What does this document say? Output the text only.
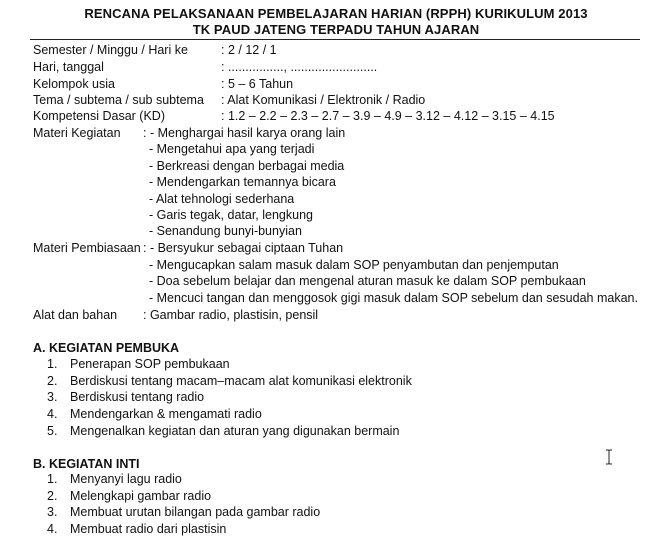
RENCANA PELAKSANAAN PEMBELAJARAN HARIAN (RPPH) KURIKULUM 2013
TK PAUD JATENG TERPADU TAHUN AJARAN
Semester / Minggu / Hari ke	: 2 / 12 / 1
Hari, tanggal	: ................, .........................
Kelompok usia	: 5 – 6 Tahun
Tema / subtema / sub subtema : Alat Komunikasi / Elektronik / Radio
Kompetensi Dasar (KD)	: 1.2 – 2.2 – 2.3 – 2.7 – 3.9 – 4.9 – 3.12 – 4.12 – 3.15 – 4.15
Materi Kegiatan : - Menghargai hasil karya orang lain
- Mengetahui apa yang terjadi
- Berkreasi dengan berbagai media
- Mendengarkan temannya bicara
- Alat tehnologi sederhana
- Garis tegak, datar, lengkung
- Senandung bunyi-bunyian
Materi Pembiasaan : - Bersyukur sebagai ciptaan Tuhan
- Mengucapkan salam masuk dalam SOP penyambutan dan penjemputan
- Doa sebelum belajar dan mengenal aturan masuk ke dalam SOP pembukaan
- Mencuci tangan dan menggosok gigi masuk dalam SOP sebelum dan sesudah makan.
Alat dan bahan : Gambar radio, plastisin, pensil
A. KEGIATAN PEMBUKA
1. Penerapan SOP pembukaan
2. Berdiskusi tentang macam–macam alat komunikasi elektronik
3. Berdiskusi tentang radio
4. Mendengarkan & mengamati radio
5. Mengenalkan kegiatan dan aturan yang digunakan bermain
B. KEGIATAN INTI
1. Menyanyi lagu radio
2. Melengkapi gambar radio
3. Membuat urutan bilangan pada gambar radio
4. Membuat radio dari plastisin
